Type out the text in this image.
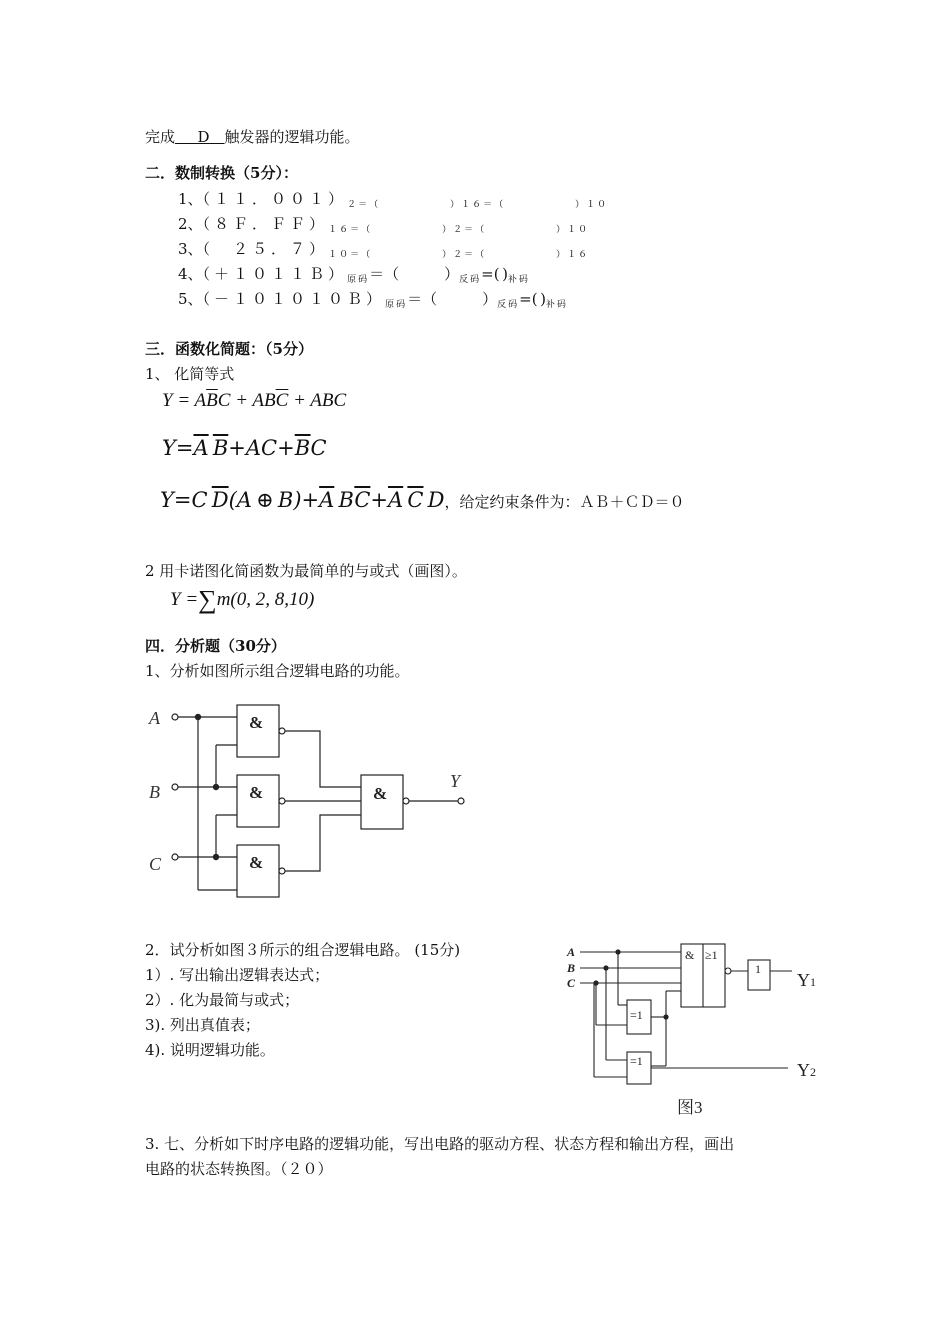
完成    D   触发器的逻辑功能。
二．数制转换（5分）：
1、（１１．$001)_{2=(}$	$_{)16=(}$	$_{)10}$
2、（８Ｆ．$FF)_{16=(}$	$_{)2=(}$	$_{)10}$
3、（　２５．$7)_{10=(}$	$_{)2=(}$	$_{)16}$
4、$(+1011B)_{原码}=$（	）$_{反码}=$(  )$_{补码}$
5、$(-101010B)_{原码}=$（	）$_{反码}=$(  )$_{补码}$
三．函数化简题：（5分）
1、 化简等式
$Y = A\overline{B}C + AB\overline{C}$ + ABC
$Y=\overline{A}$  $\overline{B}+AC+\overline{B}C$
Y=C $\overline{D}(A$ ⊕ $B)+\overline{A}$ $B\overline{C}+\overline{A}$  $\overline{C}$ D，给定约束条件为：ＡＢ＋ＣＤ＝０
2 用卡诺图化简函数为最简单的与或式（画图）。
Y =∑m(0, 2, 8,10)
四．分析题（30分）
1、分析如图所示组合逻辑电路的功能。
A
B
C
Y
&
&
&
&
2．试分析如图３所示的组合逻辑电路。 (15分)
1）. 写出输出逻辑表达式；
2）. 化为最简与或式；
3). 列出真值表；
4). 说明逻辑功能。
A
B
C
& ≥1
=1
=1
1
Y1
Y2
图3
3. 七、分析如下时序电路的逻辑功能，写出电路的驱动方程、状态方程和输出方程，画出
电路的状态转换图。（２０）
